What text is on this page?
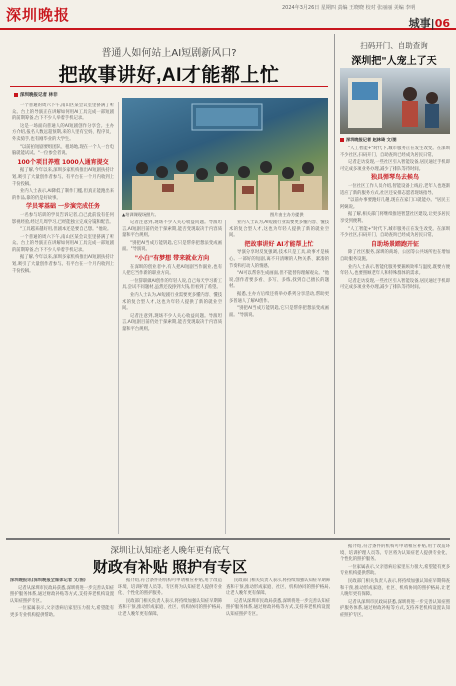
深圳晚报	2024年3月26日 星期四 责编 王晓晓 校对 张丽丽 美编 李明
城事|06
普通人如何站上AI短剧新风口?
把故事讲好,AI才能都上忙
深圳晚报记者 林非

一个普通的周六下午,南山区某会议室里挤满了听众。台上的导演正在讲解如何用AI工具完成一部短剧的前期筹备,台下不少人举着手机记录。

这是一场面向普通人的AI短剧创作分享会。主办方介绍,报名人数远超预期,来的人里有宝妈、程序员、外卖骑手,也有刚毕业的大学生。

"以前拍短剧要组团队、租场地,现在一个人一台电脑就能试试。"一位参会者说。

100个项目养殖 1000人通宵提交

据了解,今年以来,深圳多家机构推出AI短剧扶持计划,吸引了大量创作者参与。有平台在一个月内收到上千份投稿。

业内人士表示,AI降低了制作门槛,但真正能跑出来的作品,靠的仍是好故事。

学员零基础 一步演完成任务

一名参与培训的学员告诉记者,自己此前没有任何影视经验,经过几周学习,已经能独立完成分镜和配音。

"工具越来越好用,但剧本还是要自己想。"他说。

一个普通的周六下午,南山区某会议室里挤满了听众。台上的导演正在讲解如何用AI工具完成一部短剧的前期筹备,台下不少人举着手机记录。

据了解,今年以来,深圳多家机构推出AI短剧扶持计划,吸引了大量创作者参与。有平台在一个月内收到上千份投稿。

▲培训课现场照片。	图片由主办方提供

记者注意到,现场不少人关心收益问题。导演坦言,AI短剧目前仍处于探索期,能否变现取决于内容质量和平台规则。

"别把AI当成万能钥匙,它只是帮你把想法变成画面。"导演说。

"小白"有梦想 带来就业方向

在深圳的创业者中,有人把AI短剧当作副业,也有人把它当作新的职业方向。

一位辞职做AI创作的年轻人说,自己每天学习新工具,尝试不同题材,虽然还没挣到大钱,但看到了希望。

业内人士认为,AI短剧行业需要更多懂内容、懂技术的复合型人才,这也为年轻人提供了新的就业空间。

记者注意到,现场不少人关心收益问题。导演坦言,AI短剧目前仍处于探索期,能否变现取决于内容质量和平台规则。

业内人士认为,AI短剧行业需要更多懂内容、懂技术的复合型人才,这也为年轻人提供了新的就业空间。

把故事讲好 AI才能帮上忙

导演分享时反复强调,技术只是工具,故事才是核心。一部好的短剧,离不开清晰的人物关系、紧凑的节奏和打动人的情感。

"AI可以帮你生成画面,但不能替你理解观众。"他说,创作者要多看、多写、多练,找到自己擅长的题材。

据悉,主办方后续还将举办系列分享活动,帮助更多普通人了解AI创作。

"别把AI当成万能钥匙,它只是帮你把想法变成画面。"导演说。

扫码开门、自助查询
深圳把"人宠上了天
深圳晚报记者 赵林琦 文/图

"人工智能+"时代下,城市服务正在发生改变。在深圳不少社区,扫码开门、自助查询已经成为居民日常。

记者走访发现,一些社区引入智能设备,居民通过手机即可完成多项业务办理,减少了排队等待时间。

独具弹琴鸟去候鸟

一位社区工作人员介绍,智能设备上线后,老年人也逐渐适应了新的服务方式,社区还安排志愿者现场指导。

"以前办事要跑好几趟,现在在家门口就能办。"居民王阿姨说。

据了解,相关部门将继续推进智慧社区建设,让更多居民享受到便利。

"人工智能+"时代下,城市服务正在发生改变。在深圳不少社区,扫码开门、自助查询已经成为居民日常。

自助场景踏跑开征

除了社区服务,深圳的商场、公园等公共场所也在增加自助服务设施。

业内人士表示,智能化服务要兼顾效率与温度,既要方便年轻人,也要照顾老年人和特殊群体的需求。

记者走访发现,一些社区引入智能设备,居民通过手机即可完成多项业务办理,减少了排队等待时间。

深圳让认知症老人晚年更有底气
财政有补贴 照护有专区

深圳晚报讯(深圳晚报全媒体记者 文/图)

记者从深圳市民政局获悉,深圳将进一步完善认知症照护服务体系,通过财政补贴等方式,支持养老机构设置认知症照护专区。

一位家属表示,父亲患病后家里压力很大,希望能有更多专业机构提供帮助。

据介绍,符合条件的机构可申请相应补贴,用于改造环境、培训护理人员等。专区将为认知症老人提供专业化、个性化的照护服务。

民政部门相关负责人表示,将持续加强认知症早期筛查和干预,推动形成家庭、社区、机构协同的照护格局,让老人晚年更有保障。

民政部门相关负责人表示,将持续加强认知症早期筛查和干预,推动形成家庭、社区、机构协同的照护格局,让老人晚年更有保障。

记者从深圳市民政局获悉,深圳将进一步完善认知症照护服务体系,通过财政补贴等方式,支持养老机构设置认知症照护专区。

据介绍,符合条件的机构可申请相应补贴,用于改造环境、培训护理人员等。专区将为认知症老人提供专业化、个性化的照护服务。

一位家属表示,父亲患病后家里压力很大,希望能有更多专业机构提供帮助。

民政部门相关负责人表示,将持续加强认知症早期筛查和干预,推动形成家庭、社区、机构协同的照护格局,让老人晚年更有保障。

记者从深圳市民政局获悉,深圳将进一步完善认知症照护服务体系,通过财政补贴等方式,支持养老机构设置认知症照护专区。
